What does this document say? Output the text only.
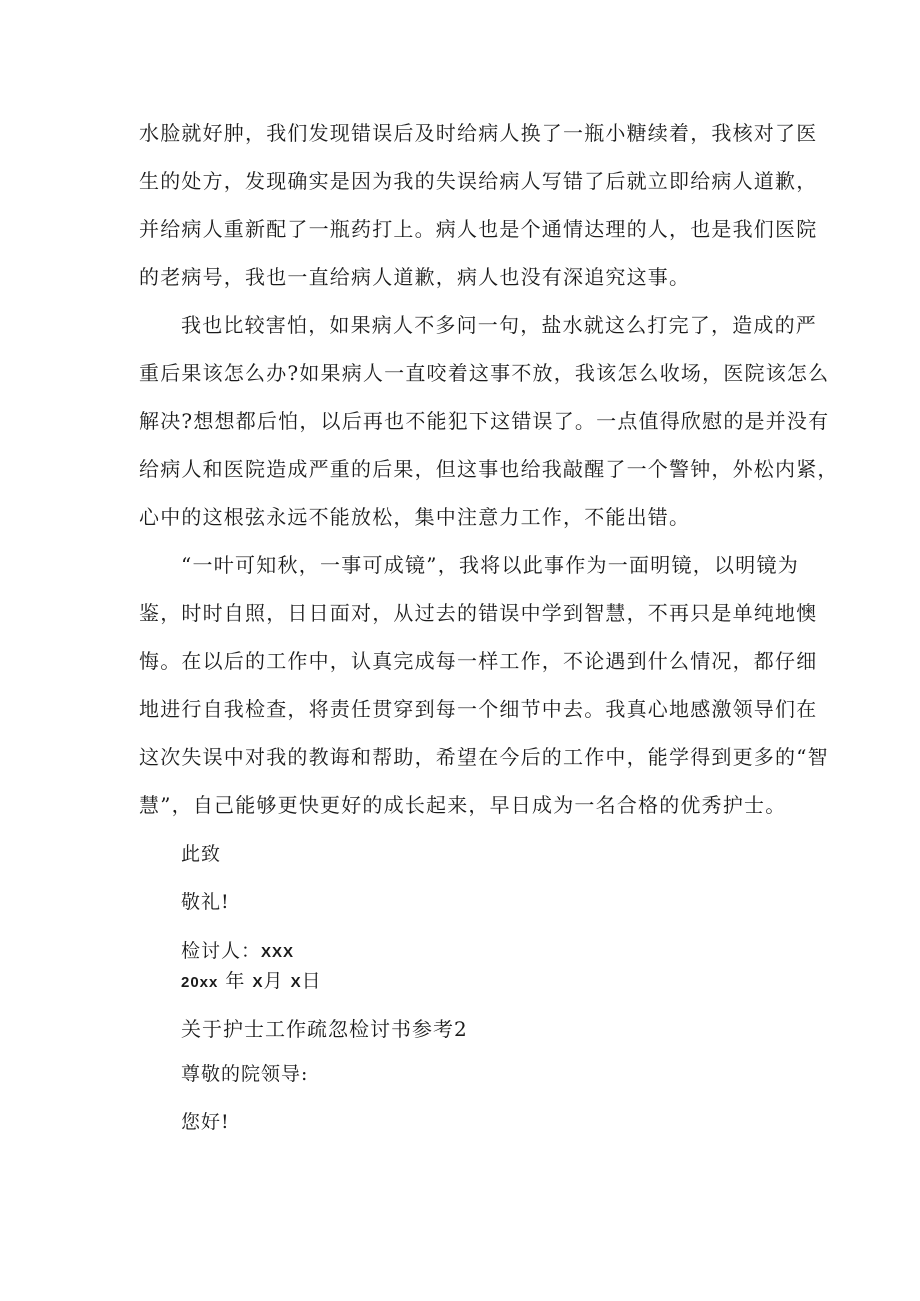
水脸就好肿，我们发现错误后及时给病人换了一瓶小糖续着，我核对了医
生的处方，发现确实是因为我的失误给病人写错了后就立即给病人道歉，
并给病人重新配了一瓶药打上。病人也是个通情达理的人，也是我们医院
的老病号，我也一直给病人道歉，病人也没有深追究这事。
我也比较害怕，如果病人不多问一句，盐水就这么打完了，造成的严
重后果该怎么办?如果病人一直咬着这事不放，我该怎么收场，医院该怎么
解决?想想都后怕，以后再也不能犯下这错误了。一点值得欣慰的是并没有
给病人和医院造成严重的后果，但这事也给我敲醒了一个警钟，外松内紧，
心中的这根弦永远不能放松，集中注意力工作，不能出错。
“一叶可知秋，一事可成镜”，我将以此事作为一面明镜，以明镜为
鉴，时时自照，日日面对，从过去的错误中学到智慧，不再只是单纯地懊
悔。在以后的工作中，认真完成每一样工作，不论遇到什么情况，都仔细
地进行自我检查，将责任贯穿到每一个细节中去。我真心地感激领导们在
这次失误中对我的教诲和帮助，希望在今后的工作中，能学得到更多的“智
慧”，自己能够更快更好的成长起来，早日成为一名合格的优秀护士。
此致
敬礼!
检讨人：XXX
20xx 年 X月 X日
关于护士工作疏忽检讨书参考2
尊敬的院领导:
您好!
